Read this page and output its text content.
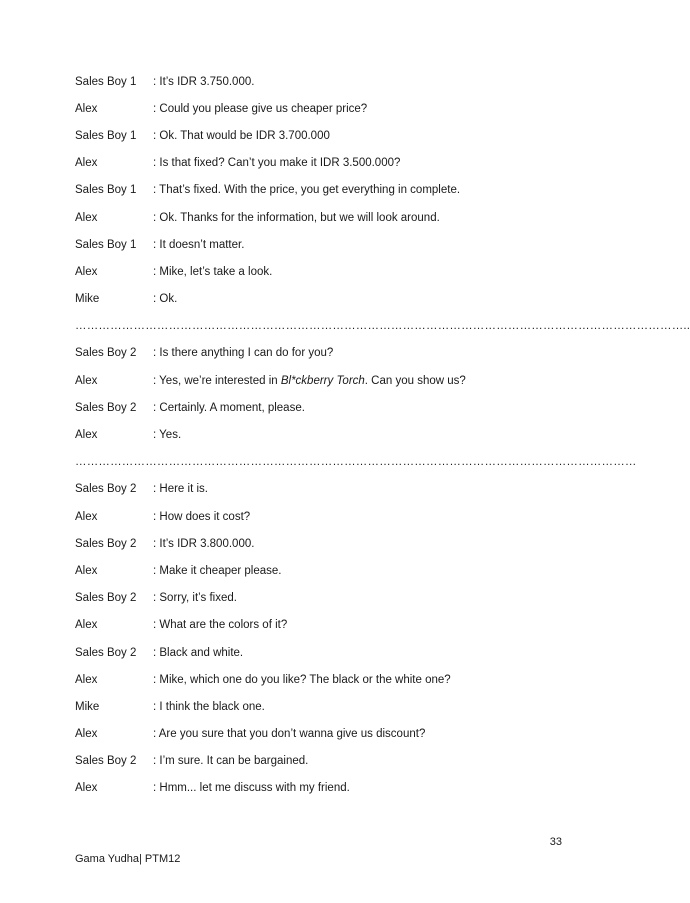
Sales Boy 1	: It’s IDR 3.750.000.
Alex	: Could you please give us cheaper price?
Sales Boy 1	: Ok. That would be IDR 3.700.000
Alex	: Is that fixed? Can’t you make it IDR 3.500.000?
Sales Boy 1	: That’s fixed. With the price, you get everything in complete.
Alex	: Ok. Thanks for the information, but we will look around.
Sales Boy 1	: It doesn’t matter.
Alex	: Mike, let’s take a look.
Mike	: Ok.
…………………………………………………………………………………………………………………………………………..
Sales Boy 2	: Is there anything I can do for you?
Alex	: Yes, we’re interested in Bl*ckberry Torch. Can you show us?
Sales Boy 2	: Certainly. A moment, please.
Alex	: Yes.
………………………………………………………………………………………………………………………………
Sales Boy 2	: Here it is.
Alex	: How does it cost?
Sales Boy 2	: It’s IDR 3.800.000.
Alex	: Make it cheaper please.
Sales Boy 2	: Sorry, it’s fixed.
Alex	: What are the colors of it?
Sales Boy 2	: Black and white.
Alex	: Mike, which one do you like? The black or the white one?
Mike	: I think the black one.
Alex	: Are you sure that you don’t wanna give us discount?
Sales Boy 2	: I’m sure. It can be bargained.
Alex	: Hmm... let me discuss with my friend.
33
Gama Yudha| PTM12
